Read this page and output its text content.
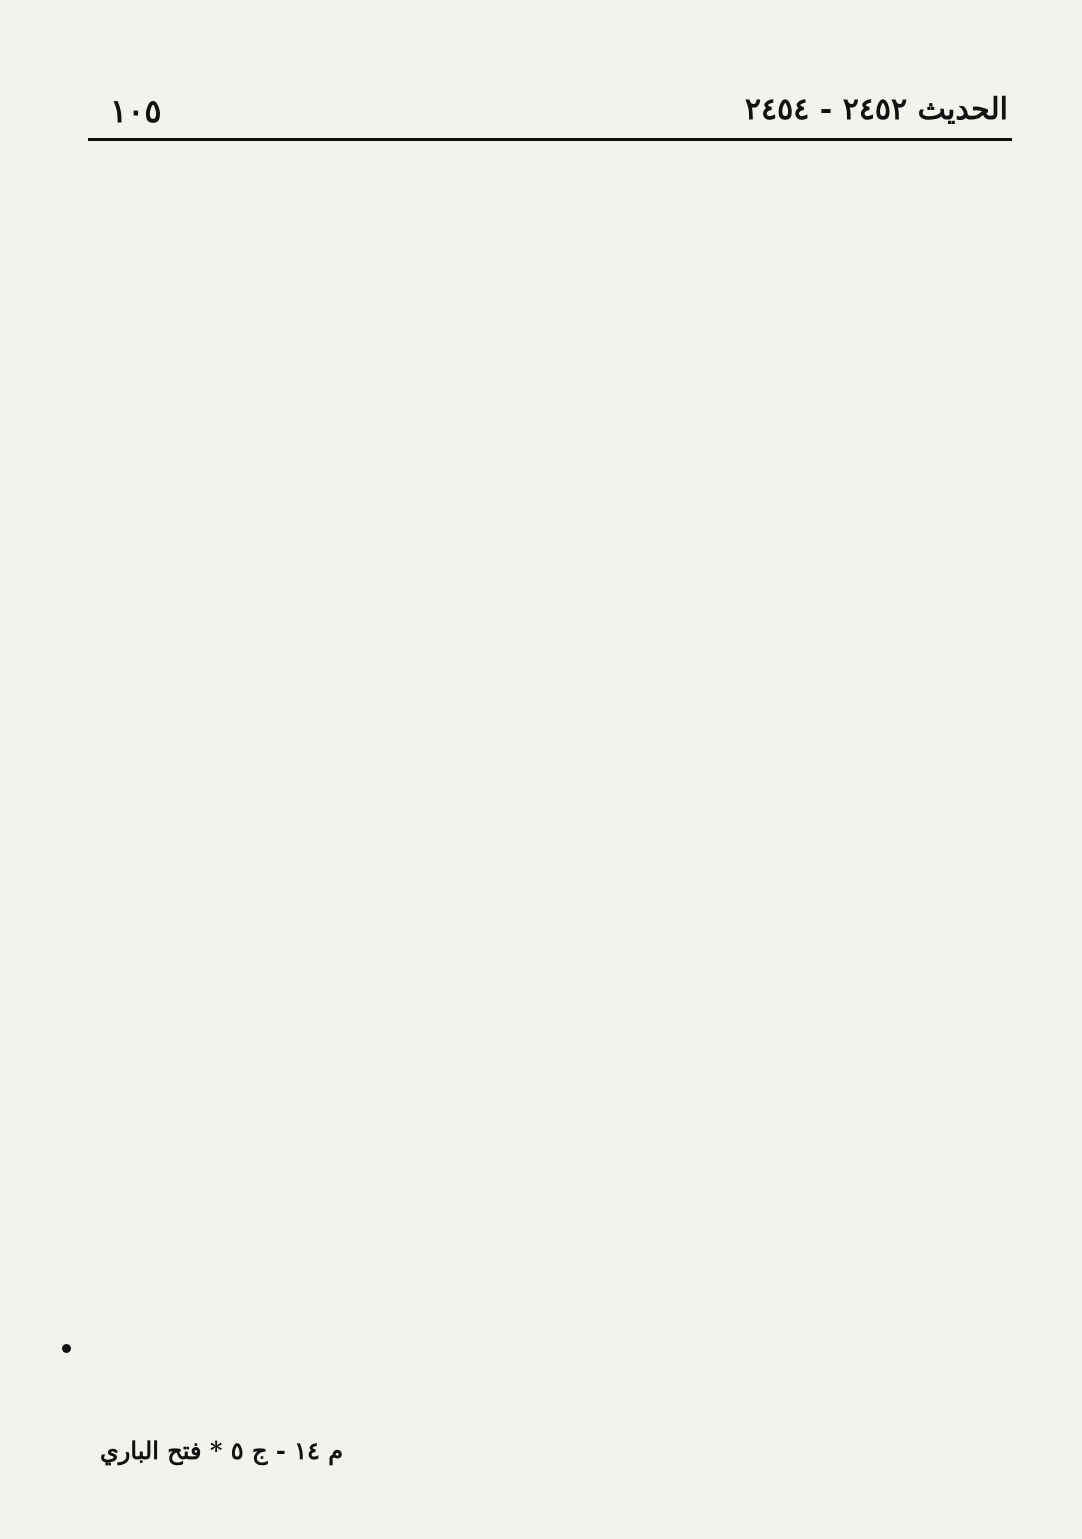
الحديث ٢٤٥٢ - ٢٤٥٤
١٠٥
م ١٤ - ج ٥ * فتح الباري
